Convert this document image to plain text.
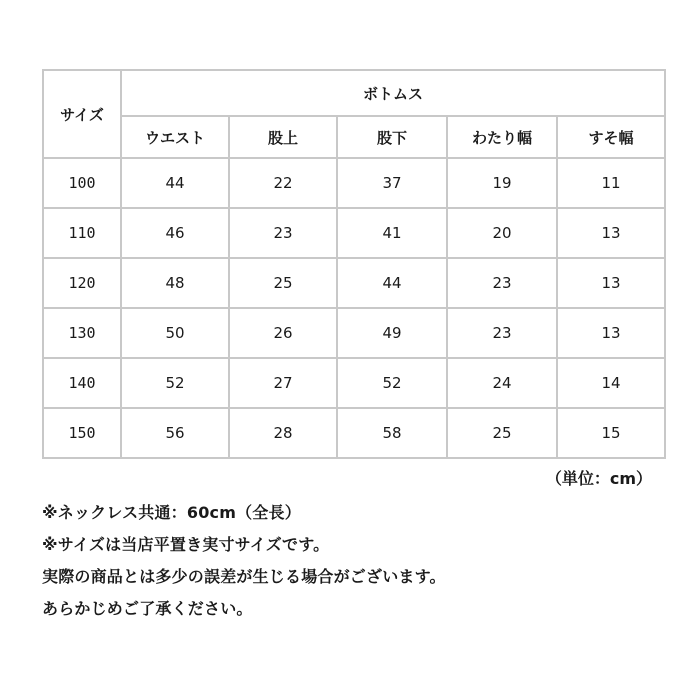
サイズ	ボトムス				
	ウエスト	股上	股下	わたり幅	すそ幅
100	44	22	37	19	11
110	46	23	41	20	13
120	48	25	44	23	13
130	50	26	49	23	13
140	52	27	52	24	14
150	56	28	58	25	15
（単位：cm）
※ネックレス共通：60cm（全長）
※サイズは当店平置き実寸サイズです。
実際の商品とは多少の誤差が生じる場合がございます。
あらかじめご了承ください。
